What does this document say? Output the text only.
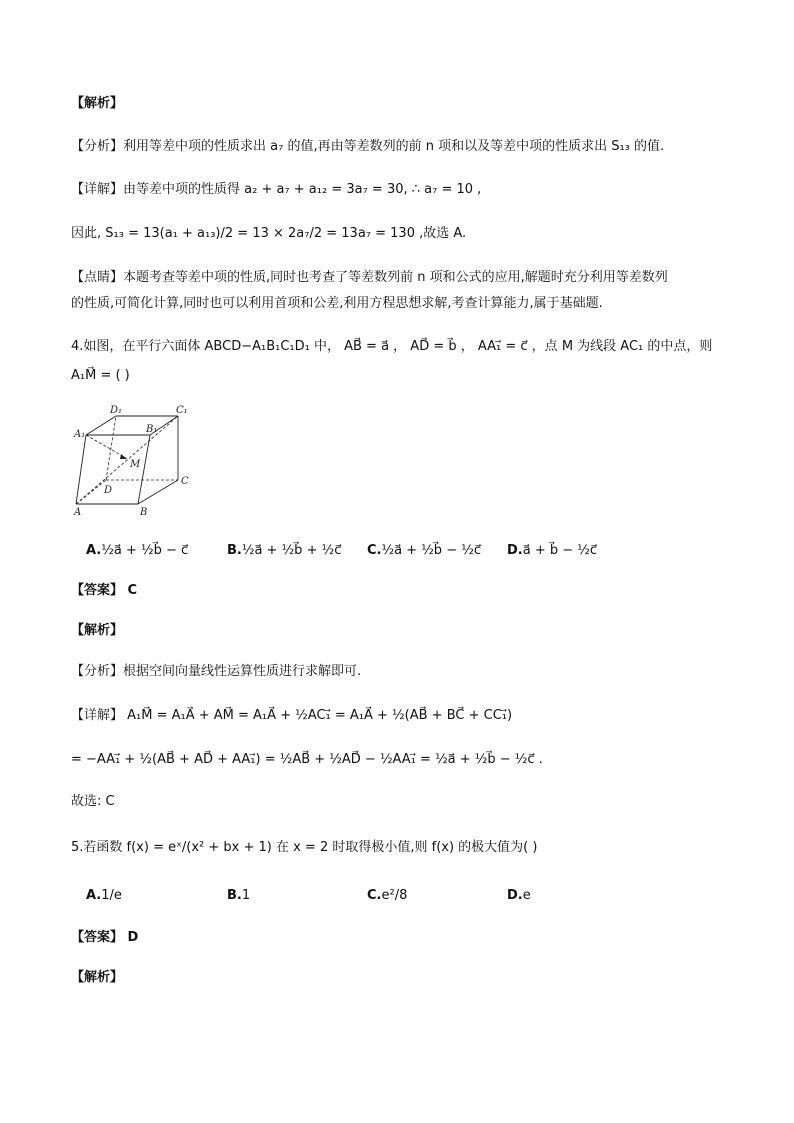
【解析】
【分析】利用等差中项的性质求出 a₇ 的值,再由等差数列的前 n 项和以及等差中项的性质求出 S₁₃ 的值.
【详解】由等差中项的性质得 a₂ + a₇ + a₁₂ = 3a₇ = 30, ∴ a₇ = 10 ,
因此, S₁₃ = 13(a₁ + a₁₃)/2 = 13 × 2a₇/2 = 13a₇ = 130 ,故选 A.
【点睛】本题考查等差中项的性质,同时也考查了等差数列前 n 项和公式的应用,解题时充分利用等差数列
的性质,可简化计算,同时也可以利用首项和公差,利用方程思想求解,考查计算能力,属于基础题.
4.如图，在平行六面体 ABCD−A₁B₁C₁D₁ 中， AB⃗ = a⃗ ， AD⃗ = b⃗ ， AA₁⃗ = c⃗ ，点 M 为线段 AC₁ 的中点，则
A₁M⃗ = ( )
D₁	C₁
A₁	B₁
M
D
C
A	B
A.½a⃗ + ½b⃗ − c⃗	B.½a⃗ + ½b⃗ + ½c⃗ C.½a⃗ + ½b⃗ − ½c⃗ D.a⃗ + b⃗ − ½c⃗
【答案】 C
【解析】
【分析】根据空间向量线性运算性质进行求解即可.
【详解】 A₁M⃗ = A₁A⃗ + AM⃗ = A₁A⃗ + ½AC₁⃗ = A₁A⃗ + ½(AB⃗ + BC⃗ + CC₁⃗)
= −AA₁⃗ + ½(AB⃗ + AD⃗ + AA₁⃗) = ½AB⃗ + ½AD⃗ − ½AA₁⃗ = ½a⃗ + ½b⃗ − ½c⃗ .
故选: C
5.若函数 f(x) = eˣ/(x² + bx + 1) 在 x = 2 时取得极小值,则 f(x) 的极大值为( )
A.1/e	B.1	C.e²/8	D.e
【答案】 D
【解析】
